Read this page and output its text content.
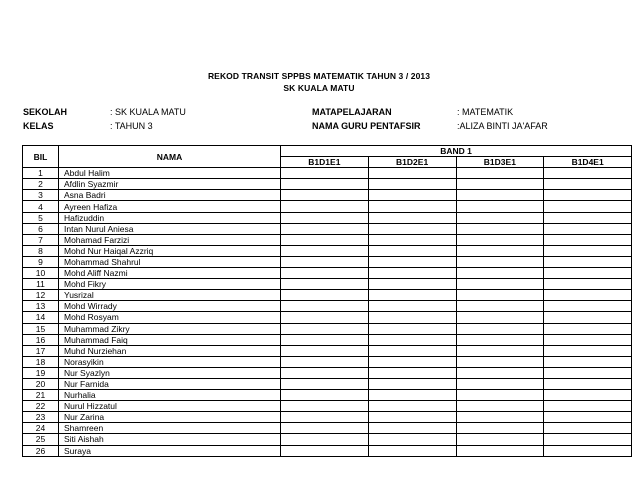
REKOD TRANSIT SPPBS MATEMATIK TAHUN 3 / 2013
SK KUALA MATU
SEKOLAH	: SK KUALA MATU
KELAS	: TAHUN 3
MATAPELAJARAN	: MATEMATIK
NAMA GURU PENTAFSIR	:ALIZA BINTI JA'AFAR
BIL	NAMA	BAND 1			
		B1D1E1	B1D2E1	B1D3E1	B1D4E1
1	Abdul Halim				
2	Afdlin Syazmir				
3	Asna Badri				
4	Ayreen Hafiza				
5	Hafizuddin				
6	Intan Nurul Aniesa				
7	Mohamad Farzizi				
8	Mohd Nur Haiqal Azzriq				
9	Mohammad Shahrul				
10	Mohd Aliff Nazmi				
11	Mohd Fikry				
12	Yusrizal				
13	Mohd Wirrady				
14	Mohd Rosyam				
15	Muhammad Zikry				
16	Muhammad Faiq				
17	Muhd Nurziehan				
18	Norasyikin				
19	Nur Syazlyn				
20	Nur Farnida				
21	Nurhalia				
22	Nurul Hizzatul				
23	Nur Zarina				
24	Shamreen				
25	Siti Aishah				
26	Suraya				
